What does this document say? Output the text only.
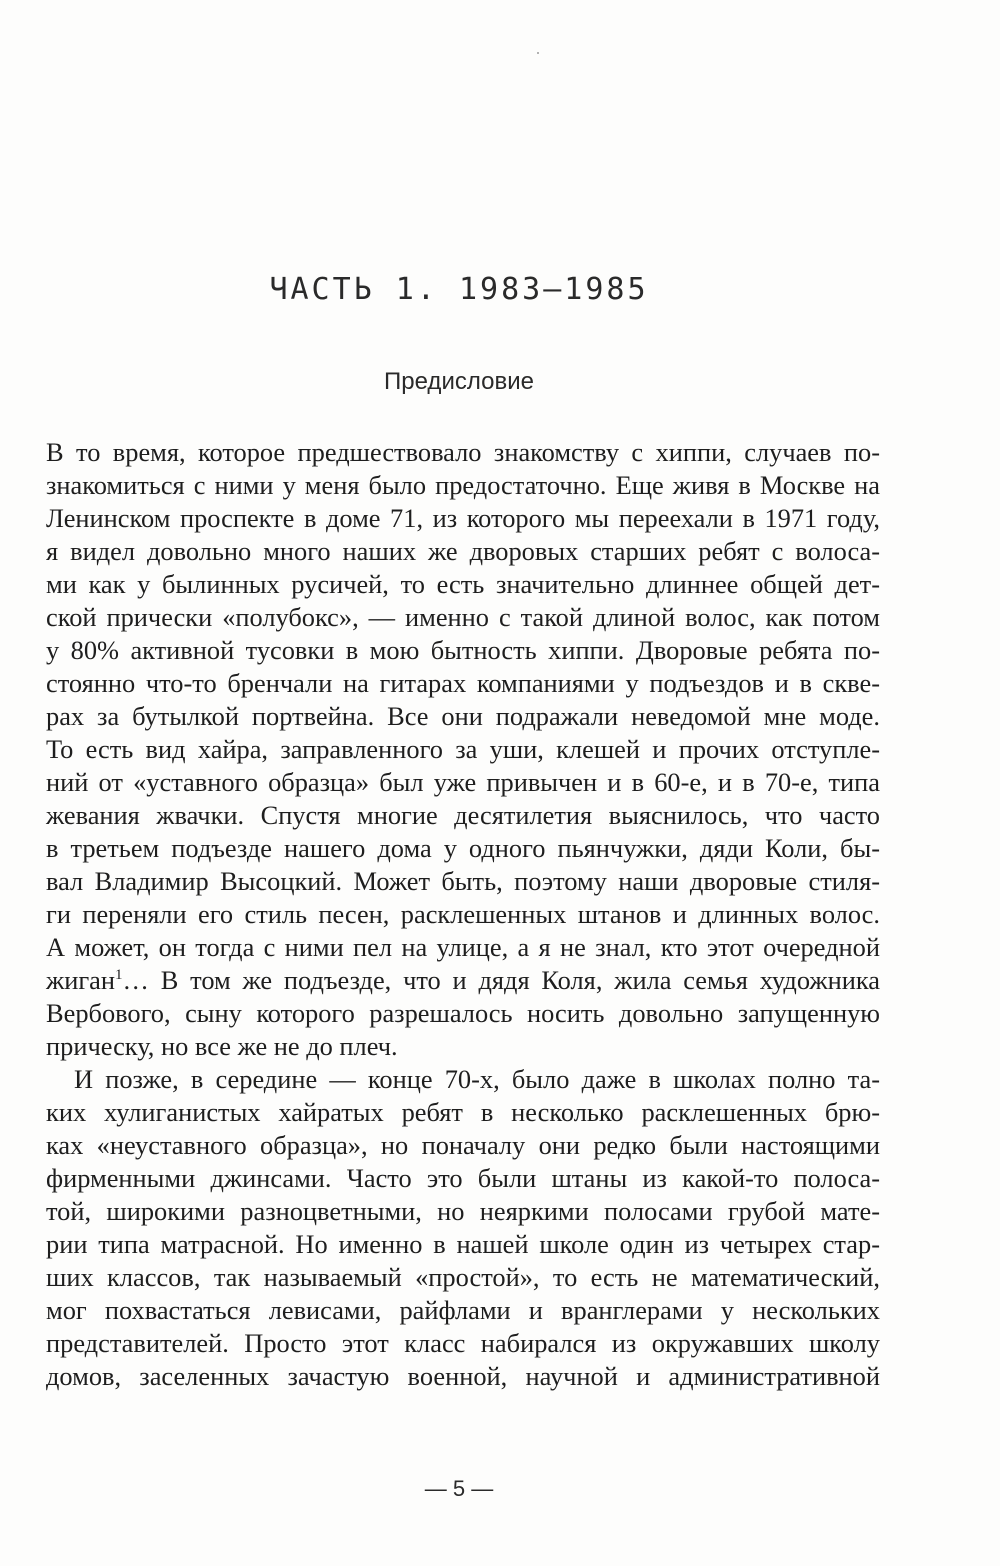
ЧАСТЬ 1. 1983–1985
Предисловие
В то время, которое предшествовало знакомству с хиппи, случаев по-
знакомиться с ними у меня было предостаточно. Еще живя в Москве на
Ленинском проспекте в доме 71, из которого мы переехали в 1971 году,
я видел довольно много наших же дворовых старших ребят с волоса-
ми как у былинных русичей, то есть значительно длиннее общей дет-
ской прически «полубокс», — именно с такой длиной волос, как потом
у 80% активной тусовки в мою бытность хиппи. Дворовые ребята по-
стоянно что-то бренчали на гитарах компаниями у подъездов и в скве-
рах за бутылкой портвейна. Все они подражали неведомой мне моде.
То есть вид хайра, заправленного за уши, клешей и прочих отступле-
ний от «уставного образца» был уже привычен и в 60-е, и в 70-е, типа
жевания жвачки. Спустя многие десятилетия выяснилось, что часто
в третьем подъезде нашего дома у одного пьянчужки, дяди Коли, бы-
вал Владимир Высоцкий. Может быть, поэтому наши дворовые стиля-
ги переняли его стиль песен, расклешенных штанов и длинных волос.
А может, он тогда с ними пел на улице, а я не знал, кто этот очередной
жиган$^1$… В том же подъезде, что и дядя Коля, жила семья художника
Вербового, сыну которого разрешалось носить довольно запущенную
прическу, но все же не до плеч.
И позже, в середине — конце 70-х, было даже в школах полно та-
ких хулиганистых хайратых ребят в несколько расклешенных брю-
ках «неуставного образца», но поначалу они редко были настоящими
фирменными джинсами. Часто это были штаны из какой-то полоса-
той, широкими разноцветными, но неяркими полосами грубой мате-
рии типа матрасной. Но именно в нашей школе один из четырех стар-
ших классов, так называемый «простой», то есть не математический,
мог похвастаться левисами, райфлами и вранглерами у нескольких
представителей. Просто этот класс набирался из окружавших школу
домов, заселенных зачастую военной, научной и административной
— 5 —
